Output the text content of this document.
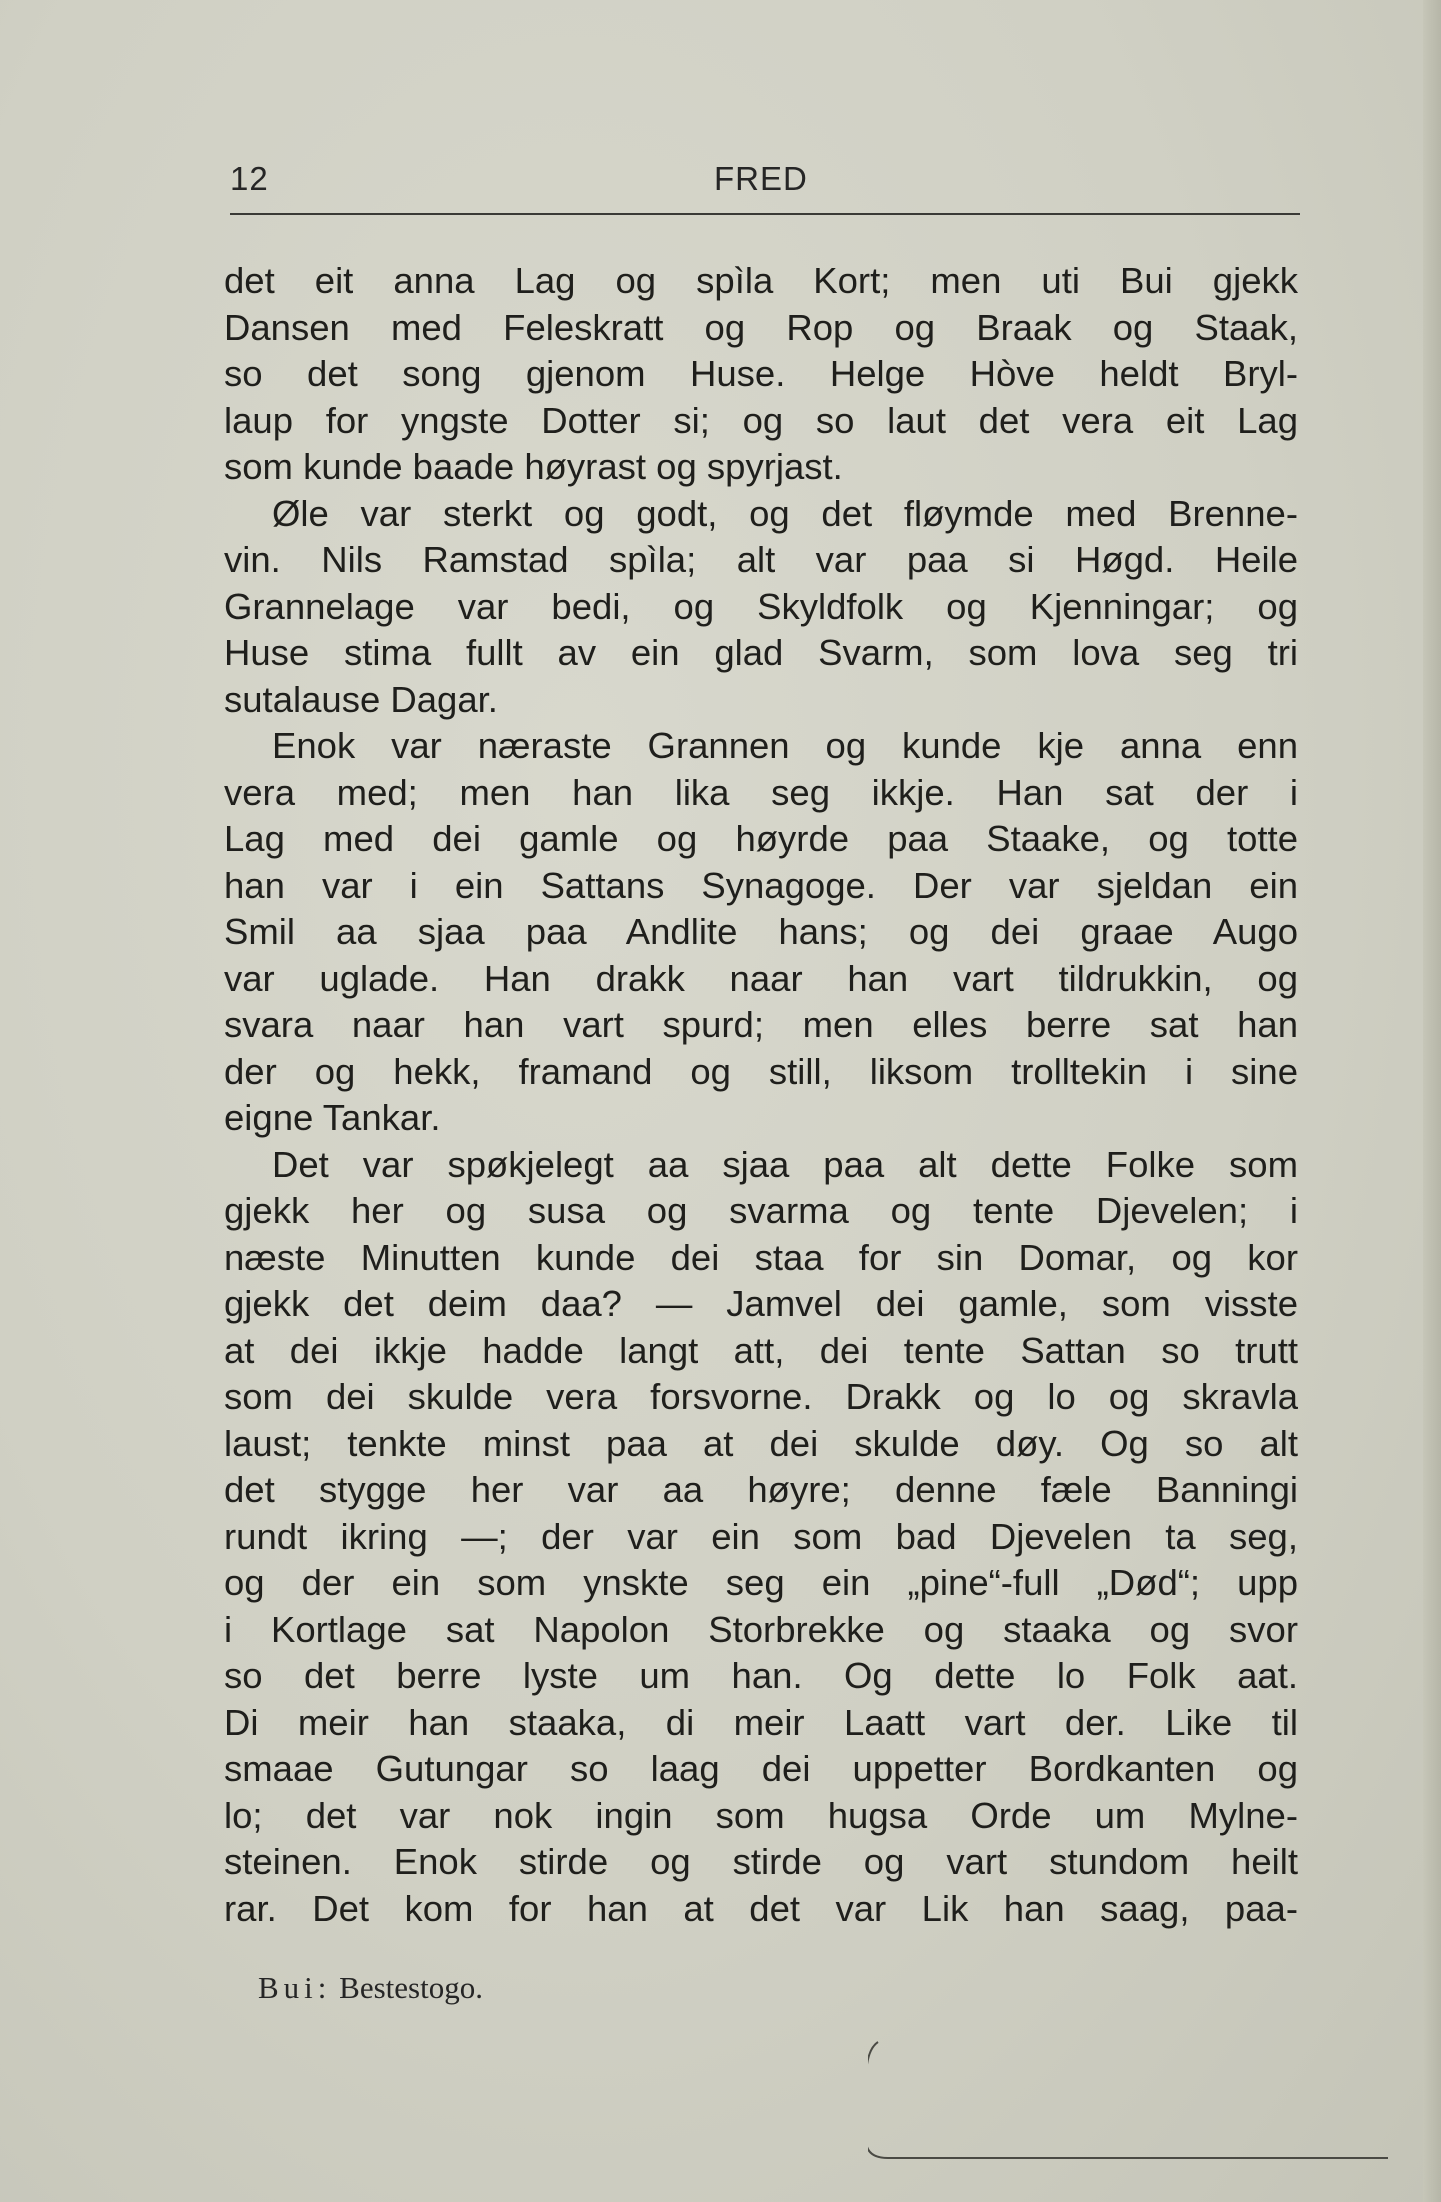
12	FRED
det eit anna Lag og spìla Kort; men uti Bui gjekk
Dansen med Feleskratt og Rop og Braak og Staak,
so det song gjenom Huse. Helge Hòve heldt Bryl-
laup for yngste Dotter si; og so laut det vera eit Lag
som kunde baade høyrast og spyrjast.
Øle var sterkt og godt, og det fløymde med Brenne-
vin. Nils Ramstad spìla; alt var paa si Høgd. Heile
Grannelage var bedi, og Skyldfolk og Kjenningar; og
Huse stima fullt av ein glad Svarm, som lova seg tri
sutalause Dagar.
Enok var næraste Grannen og kunde kje anna enn
vera med; men han lika seg ikkje. Han sat der i
Lag med dei gamle og høyrde paa Staake, og totte
han var i ein Sattans Synagoge. Der var sjeldan ein
Smil aa sjaa paa Andlite hans; og dei graae Augo
var uglade. Han drakk naar han vart tildrukkin, og
svara naar han vart spurd; men elles berre sat han
der og hekk, framand og still, liksom trolltekin i sine
eigne Tankar.
Det var spøkjelegt aa sjaa paa alt dette Folke som
gjekk her og susa og svarma og tente Djevelen; i
næste Minutten kunde dei staa for sin Domar, og kor
gjekk det deim daa? — Jamvel dei gamle, som visste
at dei ikkje hadde langt att, dei tente Sattan so trutt
som dei skulde vera forsvorne. Drakk og lo og skravla
laust; tenkte minst paa at dei skulde døy. Og so alt
det stygge her var aa høyre; denne fæle Banningi
rundt ikring —; der var ein som bad Djevelen ta seg,
og der ein som ynskte seg ein „pine“-full „Død“; upp
i Kortlage sat Napolon Storbrekke og staaka og svor
so det berre lyste um han. Og dette lo Folk aat.
Di meir han staaka, di meir Laatt vart der. Like til
smaae Gutungar so laag dei uppetter Bordkanten og
lo; det var nok ingin som hugsa Orde um Mylne-
steinen. Enok stirde og stirde og vart stundom heilt
rar. Det kom for han at det var Lik han saag, paa-
Bui: Bestestogo.
